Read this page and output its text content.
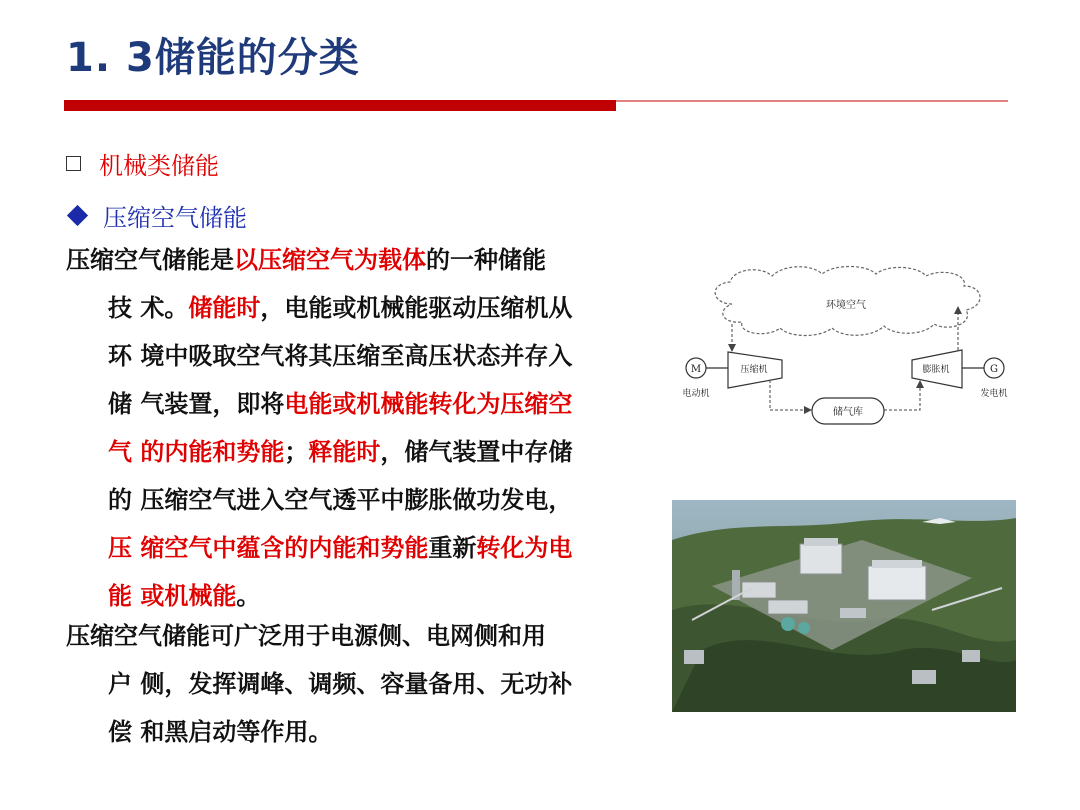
1. 3储能的分类
机械类储能
压缩空气储能
压缩空气储能是以压缩空气为载体的一种储能
技 术。储能时，电能或机械能驱动压缩机从
环 境中吸取空气将其压缩至高压状态并存入
储 气装置，即将电能或机械能转化为压缩空
气 的内能和势能；释能时，储气装置中存储
的 压缩空气进入空气透平中膨胀做功发电，
压 缩空气中蕴含的内能和势能重新转化为电
能 或机械能。
压缩空气储能可广泛用于电源侧、电网侧和用
户 侧，发挥调峰、调频、容量备用、无功补
偿 和黑启动等作用。
环境空气
M
电动机
压缩机	膨胀机	G
发电机
储气库
